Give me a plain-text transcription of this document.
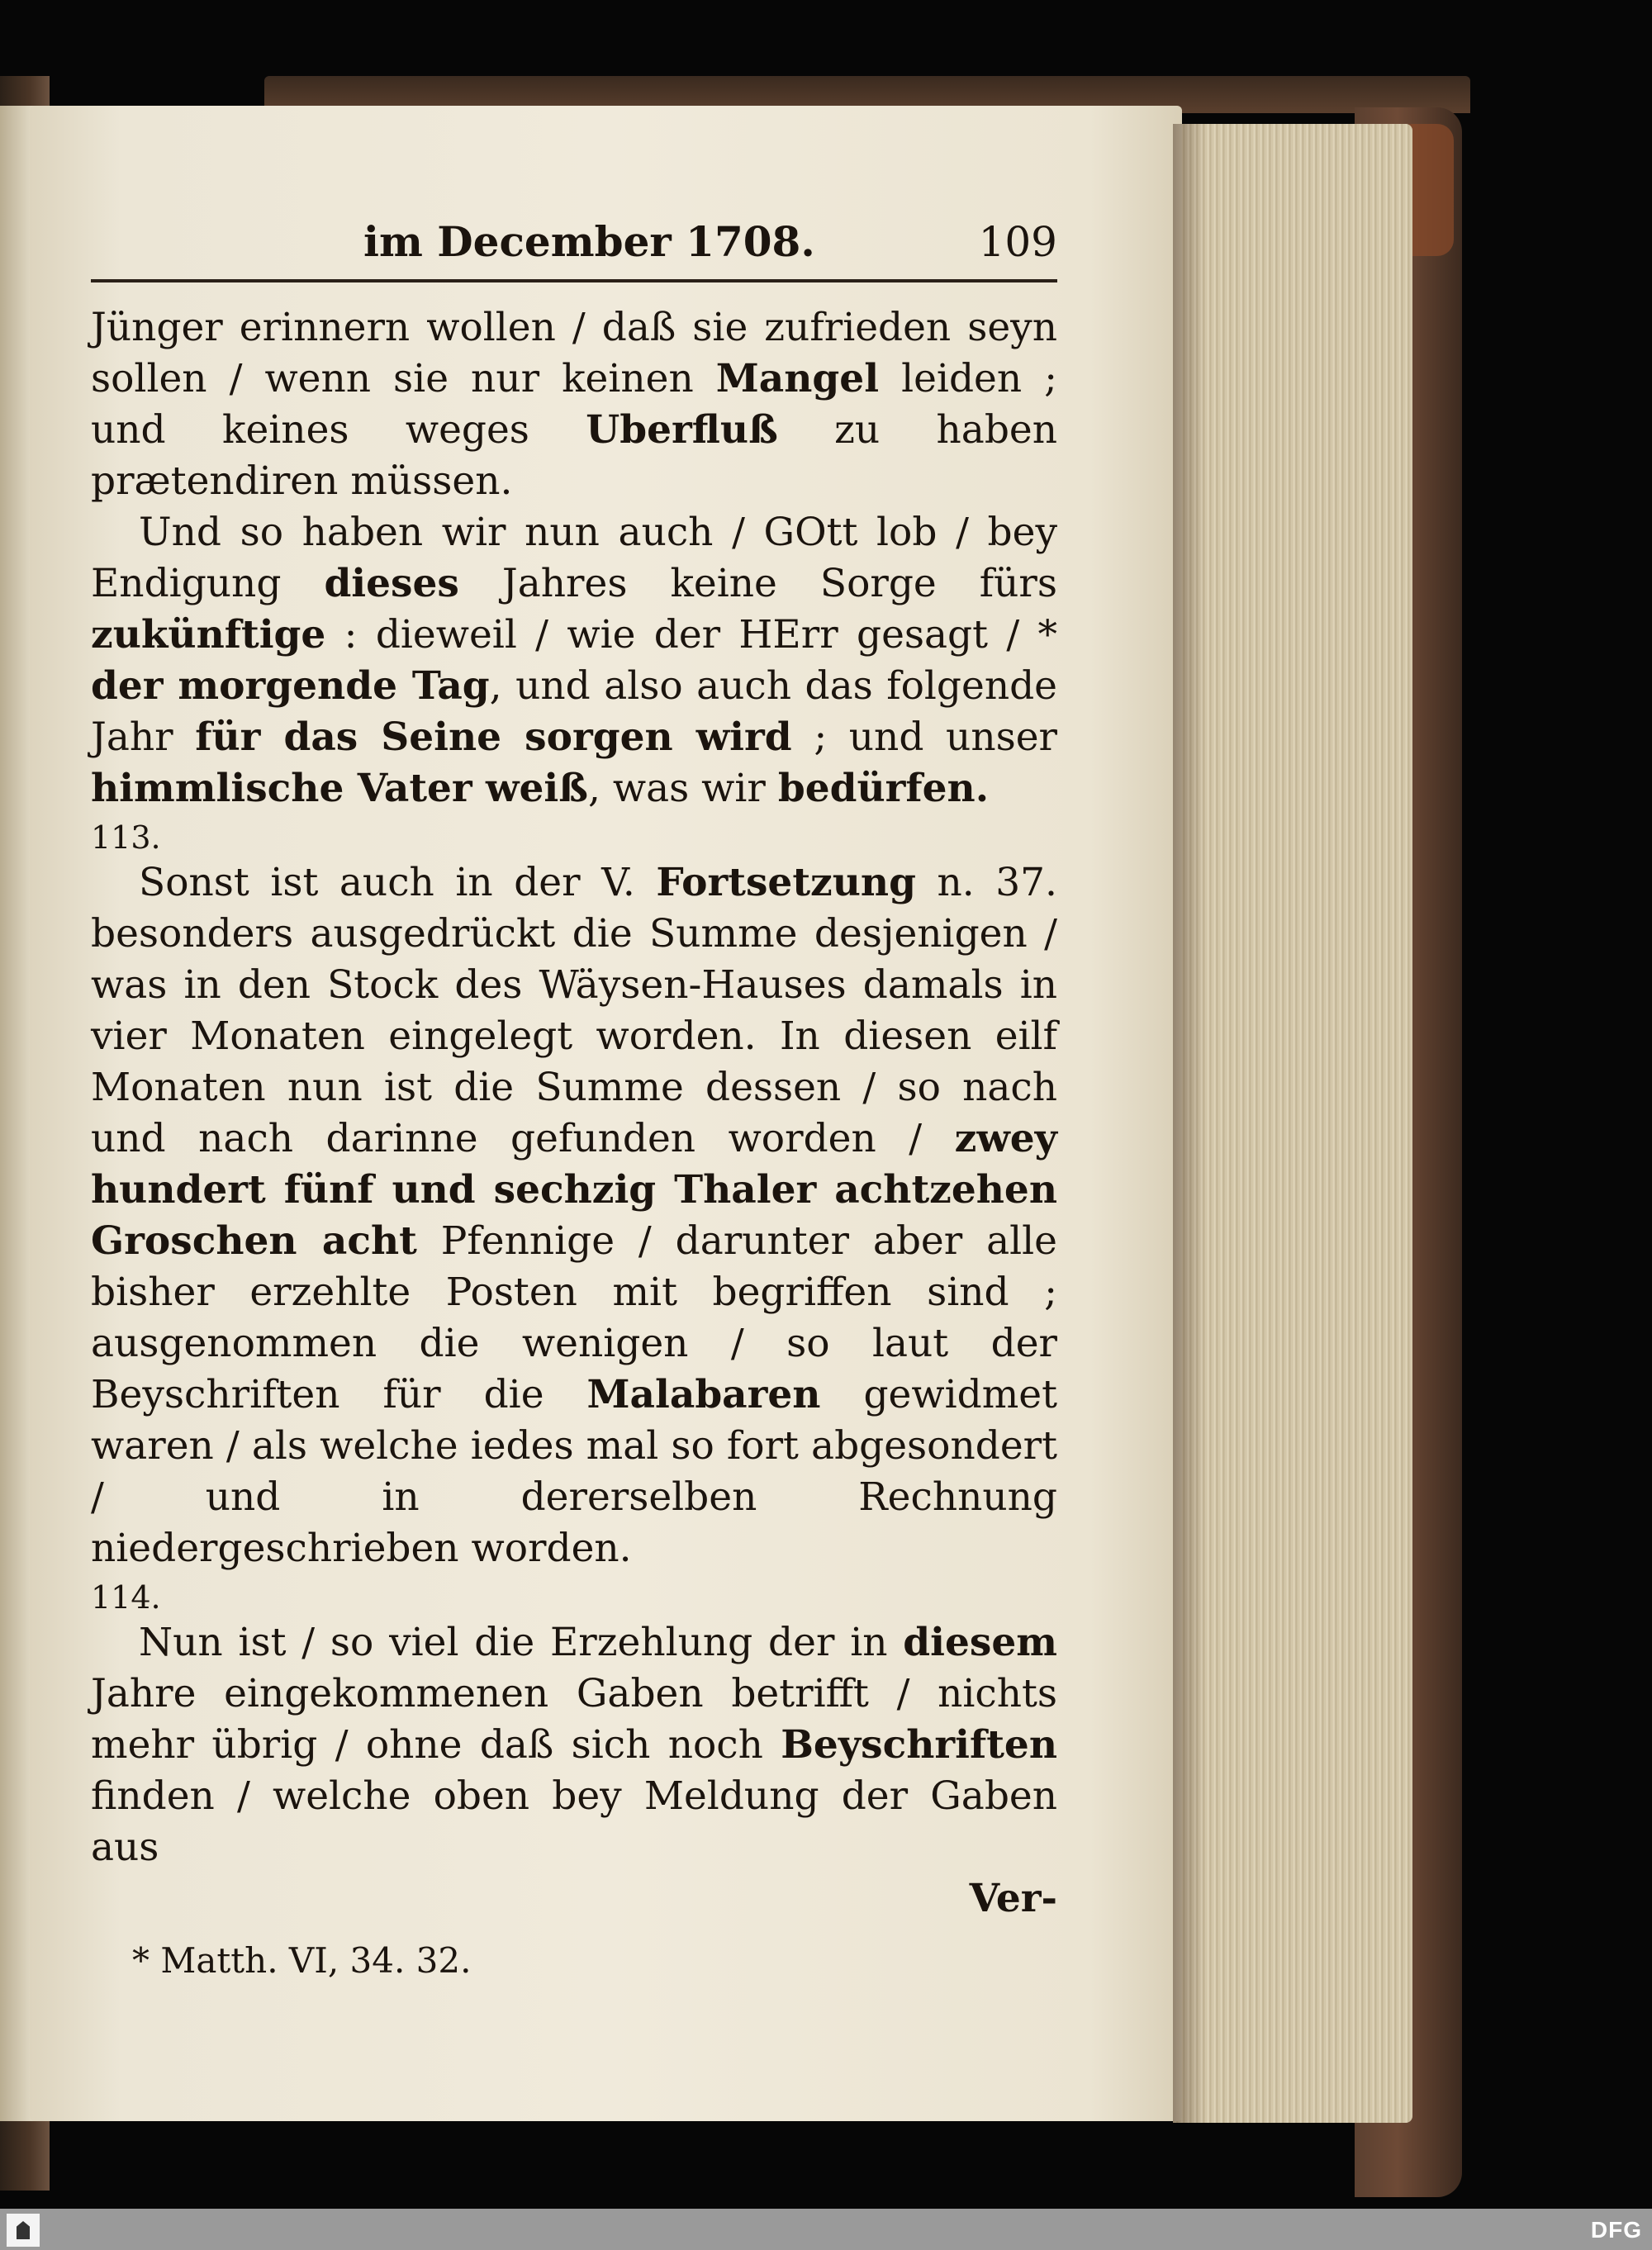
im December 1708.	109

Jünger erinnern wollen / daß sie zufrieden seyn sollen / wenn sie nur keinen Mangel leiden ; und keines weges Uberfluß zu haben prætendiren müssen.

Und so haben wir nun auch / GOtt lob / bey Endigung dieses Jahres keine Sorge fürs zukünftige : dieweil / wie der HErr gesagt / * der morgende Tag, und also auch das folgende Jahr für das Seine sorgen wird ; und unser himmlische Vater weiß, was wir bedürfen.

113.

Sonst ist auch in der V. Fortsetzung n. 37. besonders ausgedrückt die Summe desjenigen / was in den Stock des Wäysen-Hauses damals in vier Monaten eingelegt worden. In diesen eilf Monaten nun ist die Summe dessen / so nach und nach darinne gefunden worden / zwey hundert fünf und sechzig Thaler achtzehen Groschen acht Pfennige / darunter aber alle bisher erzehlte Posten mit begriffen sind ; ausgenommen die wenigen / so laut der Beyschriften für die Malabaren gewidmet waren / als welche iedes mal so fort abgesondert / und in dererselben Rechnung niedergeschrieben worden.

114.

Nun ist / so viel die Erzehlung der in diesem Jahre eingekommenen Gaben betrifft / nichts mehr übrig / ohne daß sich noch Beyschriften finden / welche oben bey Meldung der Gaben aus

Ver-
* Matth. VI, 34. 32.
DFG
